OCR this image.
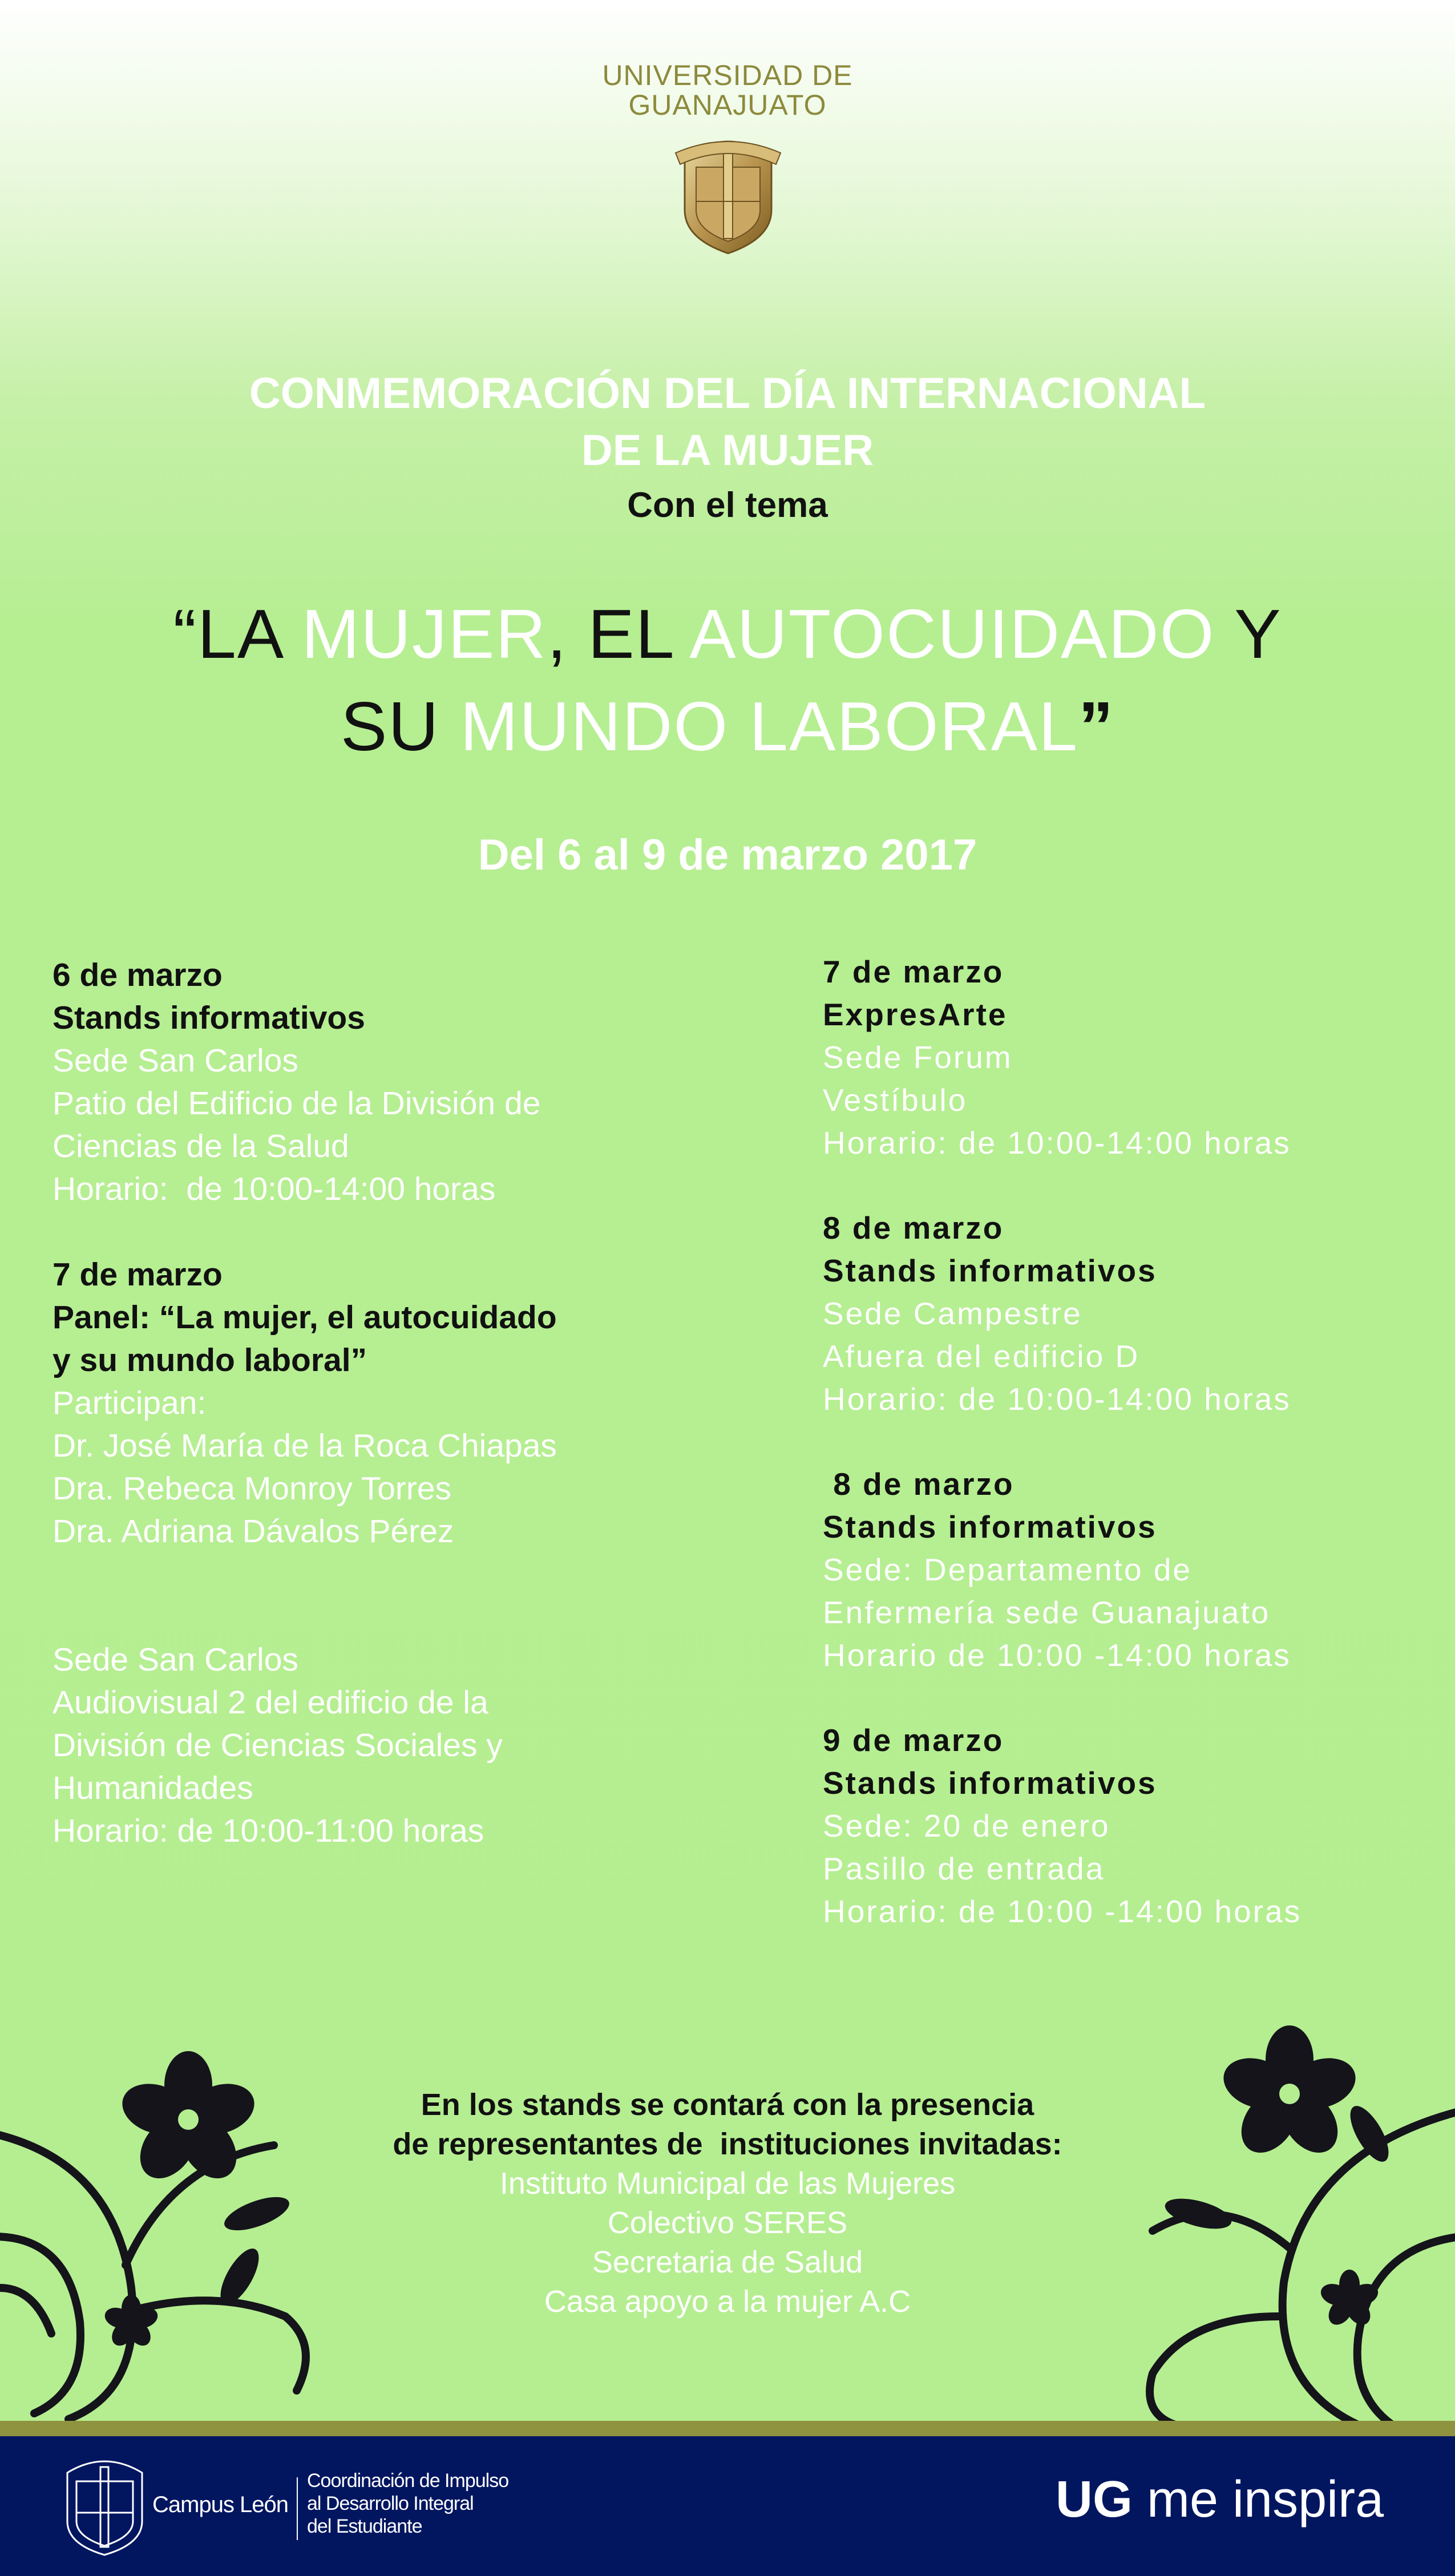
UNIVERSIDAD DE
GUANAJUATO
CONMEMORACIÓN DEL DÍA INTERNACIONAL
DE LA MUJER
Con el tema
“LA MUJER, EL AUTOCUIDADO Y
SU MUNDO LABORAL”
Del 6 al 9 de marzo 2017
6 de marzo
Stands informativos
Sede San Carlos
Patio del Edificio de la División de
Ciencias de la Salud
Horario:  de 10:00-14:00 horas
7 de marzo
Panel: “La mujer, el autocuidado
y su mundo laboral”
Participan:
Dr. José María de la Roca Chiapas
Dra. Rebeca Monroy Torres
Dra. Adriana Dávalos Pérez
Sede San Carlos
Audiovisual 2 del edificio de la
División de Ciencias Sociales y
Humanidades
Horario: de 10:00-11:00 horas
7 de marzo
ExpresArte
Sede Forum
Vestíbulo
Horario: de 10:00-14:00 horas
8 de marzo
Stands informativos
Sede Campestre
Afuera del edificio D
Horario: de 10:00-14:00 horas
8 de marzo
Stands informativos
Sede: Departamento de
Enfermería sede Guanajuato
Horario de 10:00 -14:00 horas
9 de marzo
Stands informativos
Sede: 20 de enero
Pasillo de entrada
Horario: de 10:00 -14:00 horas
En los stands se contará con la presencia
de representantes de  instituciones invitadas:
Instituto Municipal de las Mujeres
Colectivo SERES
Secretaria de Salud
Casa apoyo a la mujer A.C
Campus León
Coordinación de Impulso
al Desarrollo Integral
del Estudiante	UG me inspira
